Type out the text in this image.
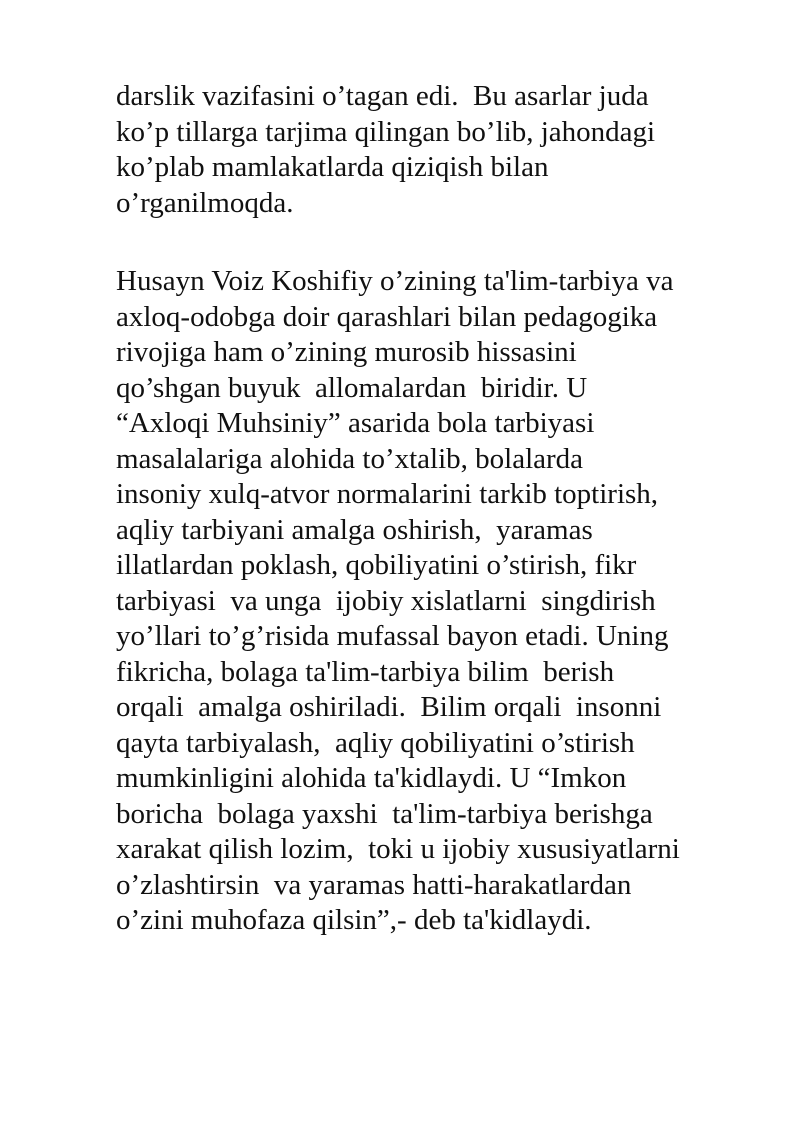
darslik vazifasini o’tagan edi.  Bu asarlar juda
ko’p tillarga tarjima qilingan bo’lib, jahondagi
ko’plab mamlakatlarda qiziqish bilan
o’rganilmoqda.
Husayn Voiz Koshifiy o’zining ta'lim-tarbiya va
axloq-odobga doir qarashlari bilan pedagogika
rivojiga ham o’zining murosib hissasini
qo’shgan buyuk  allomalardan  biridir. U
“Axloqi Muhsiniy” asarida bola tarbiyasi
masalalariga alohida to’xtalib, bolalarda
insoniy xulq-atvor normalarini tarkib toptirish,
aqliy tarbiyani amalga oshirish,  yaramas
illatlardan poklash, qobiliyatini o’stirish, fikr
tarbiyasi  va unga  ijobiy xislatlarni  singdirish
yo’llari to’g’risida mufassal bayon etadi. Uning
fikricha, bolaga ta'lim-tarbiya bilim  berish
orqali  amalga oshiriladi.  Bilim orqali  insonni
qayta tarbiyalash,  aqliy qobiliyatini o’stirish
mumkinligini alohida ta'kidlaydi. U “Imkon
boricha  bolaga yaxshi  ta'lim-tarbiya berishga
xarakat qilish lozim,  toki u ijobiy xususiyatlarni
o’zlashtirsin  va yaramas hatti-harakatlardan
o’zini muhofaza qilsin”,- deb ta'kidlaydi.
